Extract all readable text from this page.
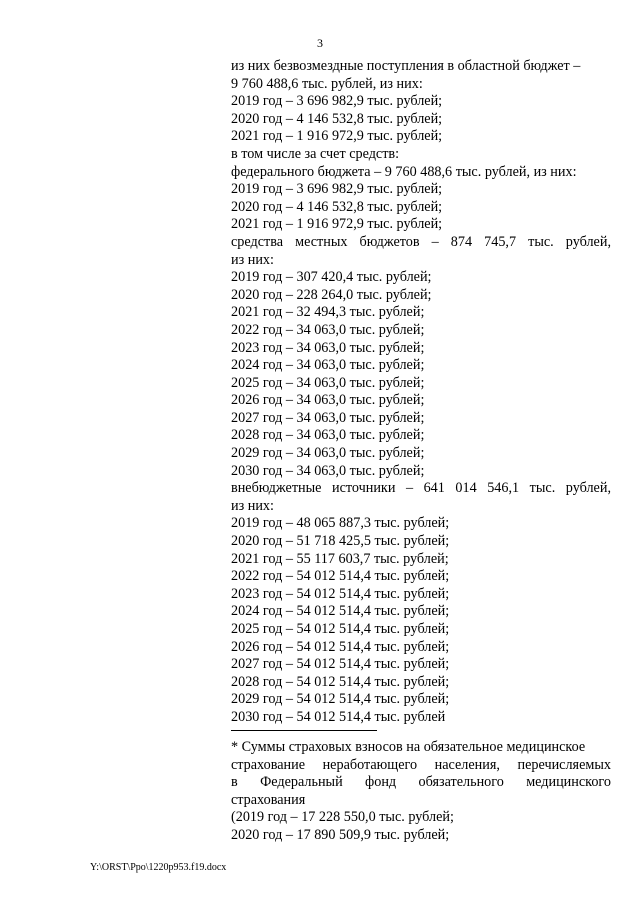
3
из них безвозмездные поступления в областной бюджет –
9 760 488,6 тыс. рублей, из них:
2019 год – 3 696 982,9 тыс. рублей;
2020 год – 4 146 532,8 тыс. рублей;
2021 год – 1 916 972,9 тыс. рублей;
в том числе за счет средств:
федерального бюджета – 9 760 488,6 тыс. рублей, из них:
2019 год – 3 696 982,9 тыс. рублей;
2020 год – 4 146 532,8 тыс. рублей;
2021 год – 1 916 972,9 тыс. рублей;
средства местных бюджетов – 874 745,7 тыс. рублей,
из них:
2019 год – 307 420,4 тыс. рублей;
2020 год – 228 264,0 тыс. рублей;
2021 год – 32 494,3 тыс. рублей;
2022 год – 34 063,0 тыс. рублей;
2023 год – 34 063,0 тыс. рублей;
2024 год – 34 063,0 тыс. рублей;
2025 год – 34 063,0 тыс. рублей;
2026 год – 34 063,0 тыс. рублей;
2027 год – 34 063,0 тыс. рублей;
2028 год – 34 063,0 тыс. рублей;
2029 год – 34 063,0 тыс. рублей;
2030 год – 34 063,0 тыс. рублей;
внебюджетные источники – 641 014 546,1 тыс. рублей,
из них:
2019 год – 48 065 887,3 тыс. рублей;
2020 год – 51 718 425,5 тыс. рублей;
2021 год – 55 117 603,7 тыс. рублей;
2022 год – 54 012 514,4 тыс. рублей;
2023 год – 54 012 514,4 тыс. рублей;
2024 год – 54 012 514,4 тыс. рублей;
2025 год – 54 012 514,4 тыс. рублей;
2026 год – 54 012 514,4 тыс. рублей;
2027 год – 54 012 514,4 тыс. рублей;
2028 год – 54 012 514,4 тыс. рублей;
2029 год – 54 012 514,4 тыс. рублей;
2030 год – 54 012 514,4 тыс. рублей
* Суммы страховых взносов на обязательное медицинское
страхование неработающего населения, перечисляемых
в Федеральный фонд обязательного медицинского
страхования
(2019 год – 17 228 550,0 тыс. рублей;
2020 год – 17 890 509,9 тыс. рублей;
Y:\ORST\Ppo\1220p953.f19.docx
